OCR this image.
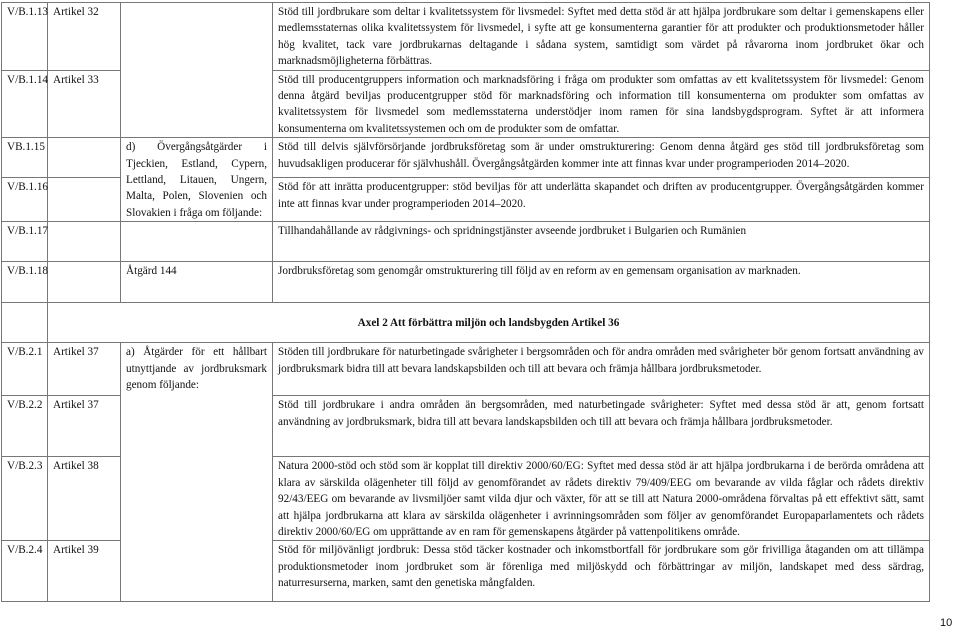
V/B.1.13	Artikel 32		Stöd till jordbrukare som deltar i kvalitetssystem för livsmedel: Syftet med detta stöd är att hjälpa jordbrukare som deltar i gemenskapens eller medlemsstaternas olika kvalitetssystem för livsmedel, i syfte att ge konsumenterna garantier för att produkter och produktionsmetoder håller hög kvalitet, tack vare jordbrukarnas deltagande i sådana system, samtidigt som värdet på råvarorna inom jordbruket ökar och marknadsmöjligheterna förbättras.
V/B.1.14	Artikel 33		Stöd till producentgruppers information och marknadsföring i fråga om produkter som omfattas av ett kvalitetssystem för livsmedel: Genom denna åtgärd beviljas producentgrupper stöd för marknadsföring och information till konsumenterna om produkter som omfattas av kvalitetssystem för livsmedel som medlemsstaterna understödjer inom ramen för sina landsbygdsprogram. Syftet är att informera konsumenterna om kvalitetssystemen och om de produkter som de omfattar.
VB.1.15		d) Övergångsåtgärder i Tjeckien, Estland, Cypern, Lettland, Litauen, Ungern, Malta, Polen, Slovenien och Slovakien i fråga om följande:	Stöd till delvis självförsörjande jordbruksföretag som är under omstrukturering: Genom denna åtgärd ges stöd till jordbruksföretag som huvudsakligen producerar för självhushåll. Övergångsåtgärden kommer inte att finnas kvar under programperioden 2014–2020.
V/B.1.16			Stöd för att inrätta producentgrupper: stöd beviljas för att underlätta skapandet och driften av producentgrupper. Övergångsåtgärden kommer inte att finnas kvar under programperioden 2014–2020.
V/B.1.17			Tillhandahållande av rådgivnings- och spridningstjänster avseende jordbruket i Bulgarien och Rumänien
V/B.1.18		Åtgärd 144	Jordbruksföretag som genomgår omstrukturering till följd av en reform av en gemensam organisation av marknaden.
	Axel 2 Att förbättra miljön och landsbygden Artikel 36		
V/B.2.1	Artikel 37	a) Åtgärder för ett hållbart utnyttjande av jordbruksmark genom följande:	Stöden till jordbrukare för naturbetingade svårigheter i bergsområden och för andra områden med svårigheter bör genom fortsatt användning av jordbruksmark bidra till att bevara landskapsbilden och till att bevara och främja hållbara jordbruksmetoder.
V/B.2.2	Artikel 37		Stöd till jordbrukare i andra områden än bergsområden, med naturbetingade svårigheter: Syftet med dessa stöd är att, genom fortsatt användning av jordbruksmark, bidra till att bevara landskapsbilden och till att bevara och främja hållbara jordbruksmetoder.
V/B.2.3	Artikel 38		Natura 2000-stöd och stöd som är kopplat till direktiv 2000/60/EG: Syftet med dessa stöd är att hjälpa jordbrukarna i de berörda områdena att klara av särskilda olägenheter till följd av genomförandet av rådets direktiv 79/409/EEG om bevarande av vilda fåglar och rådets direktiv 92/43/EEG om bevarande av livsmiljöer samt vilda djur och växter, för att se till att Natura 2000-områdena förvaltas på ett effektivt sätt, samt att hjälpa jordbrukarna att klara av särskilda olägenheter i avrinningsområden som följer av genomförandet Europaparlamentets och rådets direktiv 2000/60/EG om upprättande av en ram för gemenskapens åtgärder på vattenpolitikens område.
V/B.2.4	Artikel 39		Stöd för miljövänligt jordbruk: Dessa stöd täcker kostnader och inkomstbortfall för jordbrukare som gör frivilliga åtaganden om att tillämpa produktionsmetoder inom jordbruket som är förenliga med miljöskydd och förbättringar av miljön, landskapet med dess särdrag, naturresurserna, marken, samt den genetiska mångfalden.
10
